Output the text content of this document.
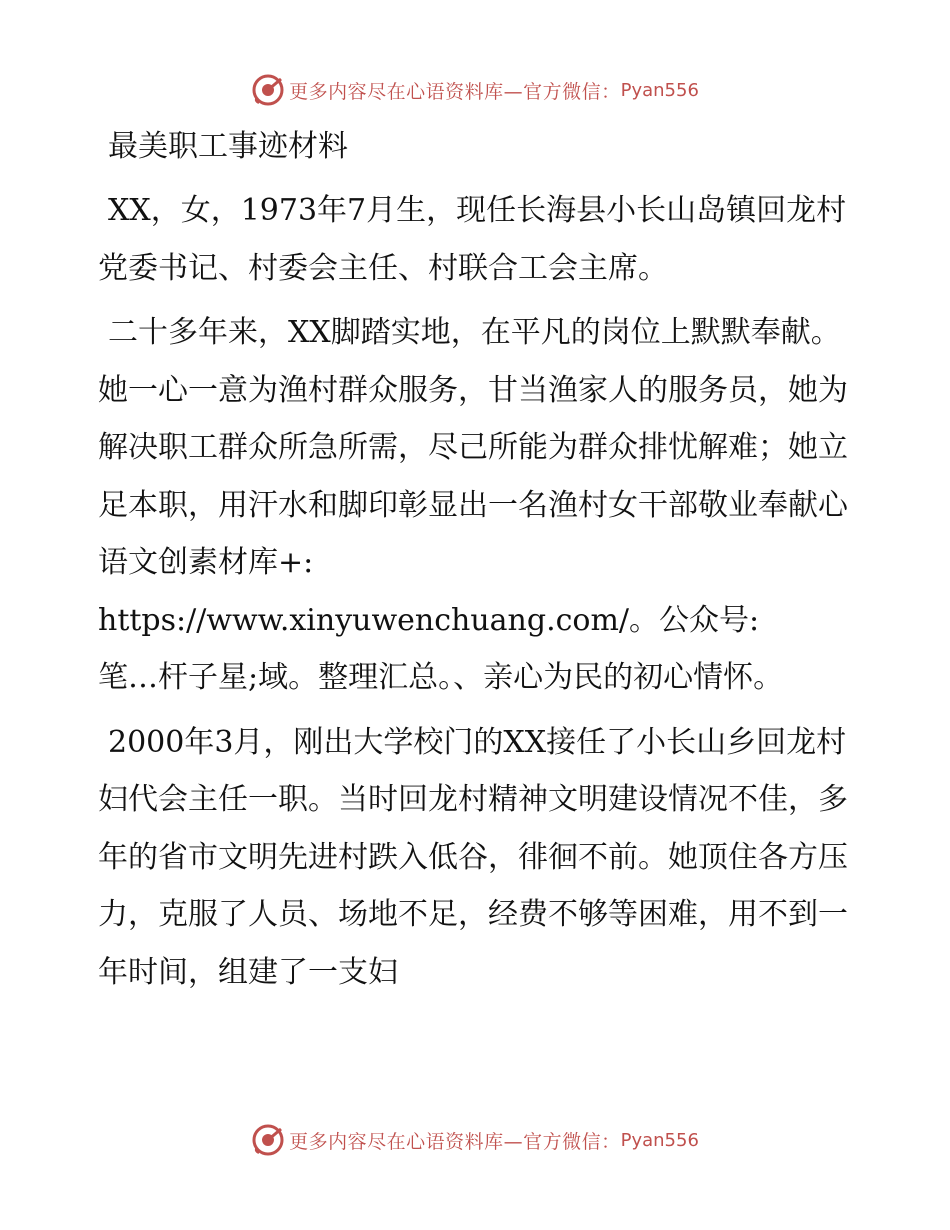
更多内容尽在心语资料库—官方微信： Pyan556
最美职工事迹材料

XX，女，1973年7月生，现任长海县小长山岛镇回龙村党委书记、村委会主任、村联合工会主席。

二十多年来，XX脚踏实地，在平凡的岗位上默默奉献。她一心一意为渔村群众服务，甘当渔家人的服务员，她为解决职工群众所急所需，尽己所能为群众排忧解难；她立足本职，用汗水和脚印彰显出一名渔村女干部敬业奉献心语文创素材库+:

https://www.xinyuwenchuang.com/。公众号:

笔…杆子星;域。整理汇总。、亲心为民的初心情怀。

2000年3月，刚出大学校门的XX接任了小长山乡回龙村妇代会主任一职。当时回龙村精神文明建设情况不佳，多年的省市文明先进村跌入低谷，徘徊不前。她顶住各方压力，克服了人员、场地不足，经费不够等困难，用不到一年时间，组建了一支妇

更多内容尽在心语资料库—官方微信： Pyan556
